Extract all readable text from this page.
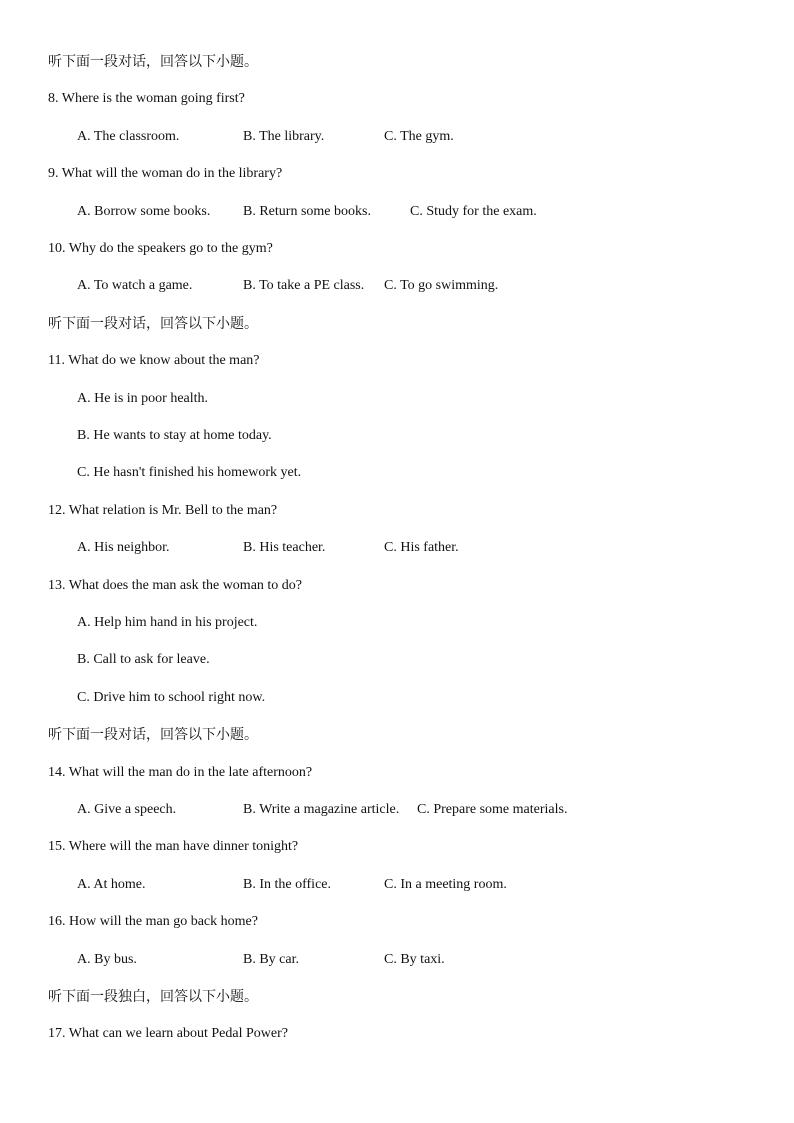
听下面一段对话，回答以下小题。
8. Where is the woman going first?
A. The classroom.	B. The library.	C. The gym.
9. What will the woman do in the library?
A. Borrow some books. B. Return some books.	C. Study for the exam.
10. Why do the speakers go to the gym?
A. To watch a game.	B. To take a PE class. C. To go swimming.
听下面一段对话，回答以下小题。
11. What do we know about the man?
A. He is in poor health.
B. He wants to stay at home today.
C. He hasn't finished his homework yet.
12. What relation is Mr. Bell to the man?
A. His neighbor.	B. His teacher.	C. His father.
13. What does the man ask the woman to do?
A. Help him hand in his project.
B. Call to ask for leave.
C. Drive him to school right now.
听下面一段对话，回答以下小题。
14. What will the man do in the late afternoon?
A. Give a speech.	B. Write a magazine article. C. Prepare some materials.
15. Where will the man have dinner tonight?
A. At home.	B. In the office.	C. In a meeting room.
16. How will the man go back home?
A. By bus.	B. By car.	C. By taxi.
听下面一段独白，回答以下小题。
17. What can we learn about Pedal Power?
